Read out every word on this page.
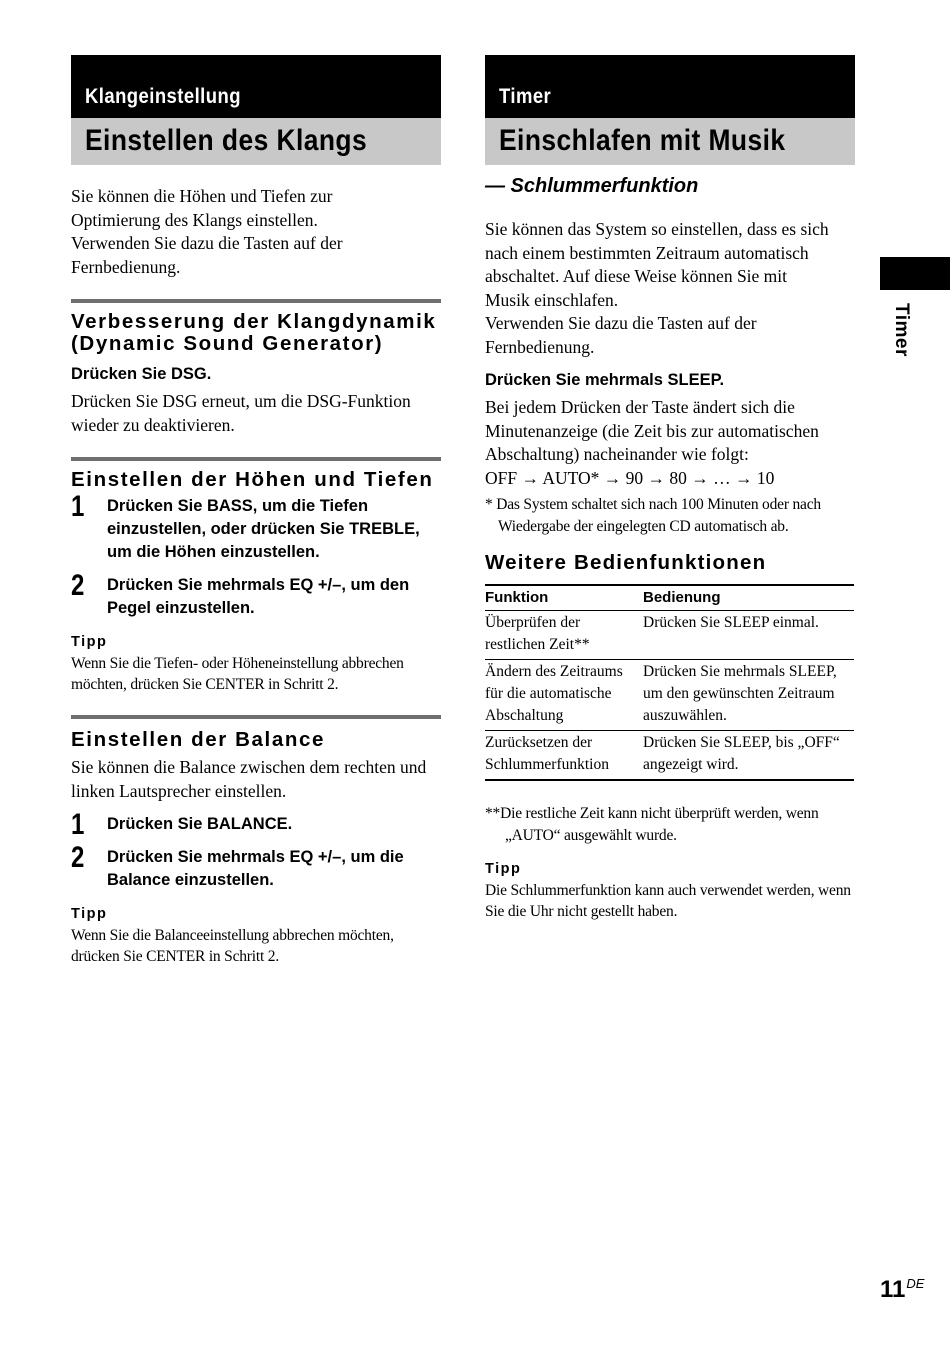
Klangeinstellung
Einstellen des Klangs

Sie können die Höhen und Tiefen zur

Optimierung des Klangs einstellen.

Verwenden Sie dazu die Tasten auf der

Fernbedienung.

Verbesserung der Klangdynamik (Dynamic Sound Generator)
Drücken Sie DSG.

Drücken Sie DSG erneut, um die DSG-Funktion wieder zu deaktivieren.

Einstellen der Höhen und Tiefen
1 Drücken Sie BASS, um die Tiefen einzustellen, oder drücken Sie TREBLE, um die Höhen einzustellen.
2 Drücken Sie mehrmals EQ +/–, um den Pegel einzustellen.
Tipp

Wenn Sie die Tiefen- oder Höheneinstellung abbrechen möchten, drücken Sie CENTER in Schritt 2.

Einstellen der Balance

Sie können die Balance zwischen dem rechten und linken Lautsprecher einstellen.

1 Drücken Sie BALANCE.
2 Drücken Sie mehrmals EQ +/–, um die Balance einzustellen.
Tipp

Wenn Sie die Balanceeinstellung abbrechen möchten, drücken Sie CENTER in Schritt 2.

Timer
Einschlafen mit Musik
— Schlummerfunktion

Sie können das System so einstellen, dass es sich

nach einem bestimmten Zeitraum automatisch

abschaltet. Auf diese Weise können Sie mit

Musik einschlafen.

Verwenden Sie dazu die Tasten auf der

Fernbedienung.

Drücken Sie mehrmals SLEEP.

Bei jedem Drücken der Taste ändert sich die

Minutenanzeige (die Zeit bis zur automatischen

Abschaltung) nacheinander wie folgt:

OFF → AUTO* → 90 → 80 → … → 10

* Das System schaltet sich nach 100 Minuten oder nach Wiedergabe der eingelegten CD automatisch ab.

Weitere Bedienfunktionen
Funktion	Bedienung
Überprüfen der restlichen Zeit**	Drücken Sie SLEEP einmal.
Ändern des Zeitraums für die automatische Abschaltung	Drücken Sie mehrmals SLEEP, um den gewünschten Zeitraum auszuwählen.
Zurücksetzen der Schlummerfunktion	Drücken Sie SLEEP, bis „OFF“ angezeigt wird.

**Die restliche Zeit kann nicht überprüft werden, wenn „AUTO“ ausgewählt wurde.

Tipp

Die Schlummerfunktion kann auch verwendet werden, wenn Sie die Uhr nicht gestellt haben.

Timer
11DE
